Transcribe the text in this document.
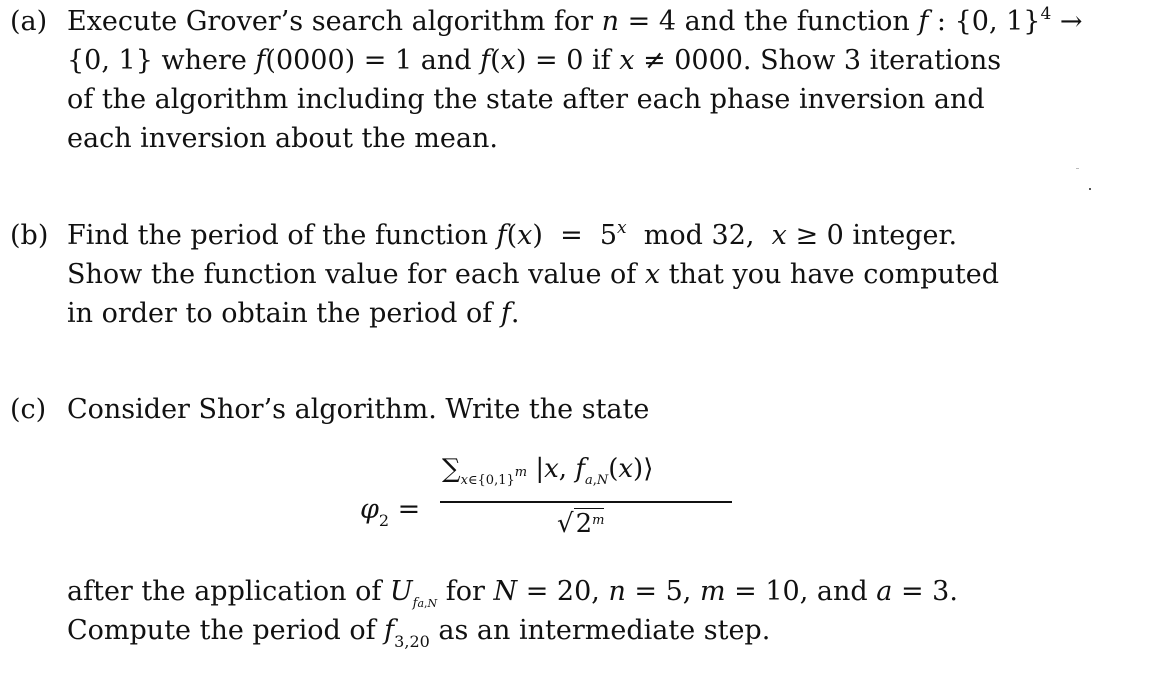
(a) Execute Grover’s search algorithm for n = 4 and the function f : {0, 1}$^4$ →
{0, 1} where f(0000) = 1 and f(x) = 0 if x ≠ 0000. Show 3 iterations
of the algorithm including the state after each phase inversion and
each inversion about the mean.
(b) Find the period of the function f(x)  =  5$^x$  mod 32,  x ≥ 0 integer.
Show the function value for each value of x that you have computed
in order to obtain the period of f.
(c) Consider Shor’s algorithm. Write the state
$\varphi_2$ =
$\sum_{x\in\{0,1\}m}$ |x, $f_{a,N}(x)⟩$
√2$^m$
after the application of $U_{fa,N}$ for N = 20, n = 5, m = 10, and a = 3.
Compute the period of $f_{3,20}$ as an intermediate step.
